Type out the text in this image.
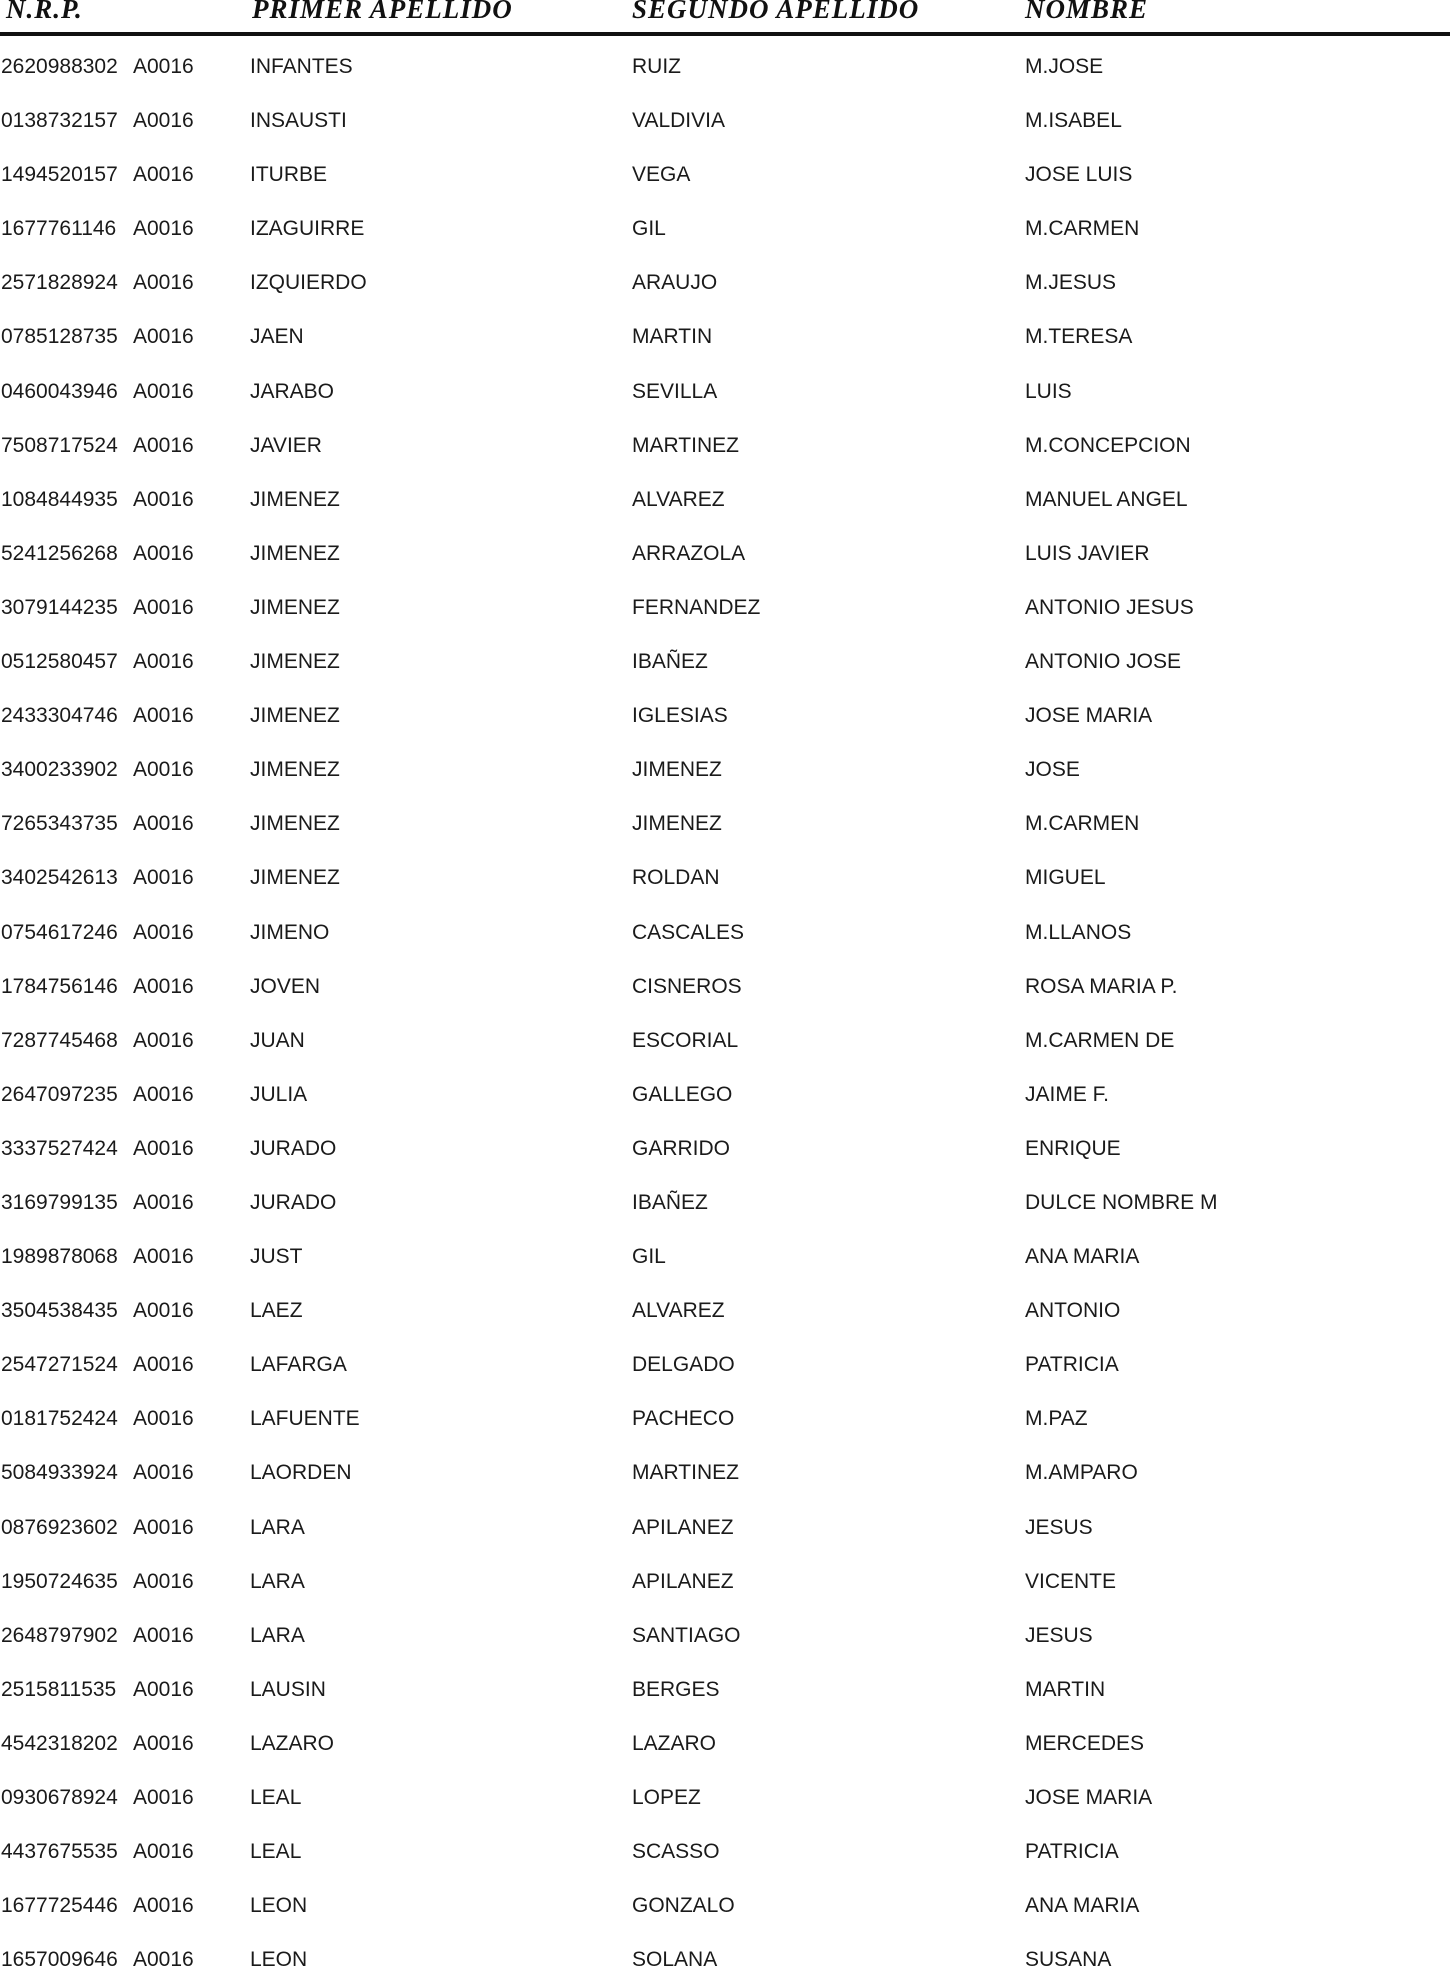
N.R.P.	PRIMER APELLIDO	SEGUNDO APELLIDO	NOMBRE
2620988302 A0016	INFANTES	RUIZ	M.JOSE
0138732157 A0016	INSAUSTI	VALDIVIA	M.ISABEL
1494520157 A0016	ITURBE	VEGA	JOSE LUIS
1677761146 A0016	IZAGUIRRE	GIL	M.CARMEN
2571828924 A0016	IZQUIERDO	ARAUJO	M.JESUS
0785128735 A0016	JAEN	MARTIN	M.TERESA
0460043946 A0016	JARABO	SEVILLA	LUIS
7508717524 A0016	JAVIER	MARTINEZ	M.CONCEPCION
1084844935 A0016	JIMENEZ	ALVAREZ	MANUEL ANGEL
5241256268 A0016	JIMENEZ	ARRAZOLA	LUIS JAVIER
3079144235 A0016	JIMENEZ	FERNANDEZ	ANTONIO JESUS
0512580457 A0016	JIMENEZ	IBAÑEZ	ANTONIO JOSE
2433304746 A0016	JIMENEZ	IGLESIAS	JOSE MARIA
3400233902 A0016	JIMENEZ	JIMENEZ	JOSE
7265343735 A0016	JIMENEZ	JIMENEZ	M.CARMEN
3402542613 A0016	JIMENEZ	ROLDAN	MIGUEL
0754617246 A0016	JIMENO	CASCALES	M.LLANOS
1784756146 A0016	JOVEN	CISNEROS	ROSA MARIA P.
7287745468 A0016	JUAN	ESCORIAL	M.CARMEN DE
2647097235 A0016	JULIA	GALLEGO	JAIME F.
3337527424 A0016	JURADO	GARRIDO	ENRIQUE
3169799135 A0016	JURADO	IBAÑEZ	DULCE NOMBRE M
1989878068 A0016	JUST	GIL	ANA MARIA
3504538435 A0016	LAEZ	ALVAREZ	ANTONIO
2547271524 A0016	LAFARGA	DELGADO	PATRICIA
0181752424 A0016	LAFUENTE	PACHECO	M.PAZ
5084933924 A0016	LAORDEN	MARTINEZ	M.AMPARO
0876923602 A0016	LARA	APILANEZ	JESUS
1950724635 A0016	LARA	APILANEZ	VICENTE
2648797902 A0016	LARA	SANTIAGO	JESUS
2515811535 A0016	LAUSIN	BERGES	MARTIN
4542318202 A0016	LAZARO	LAZARO	MERCEDES
0930678924 A0016	LEAL	LOPEZ	JOSE MARIA
4437675535 A0016	LEAL	SCASSO	PATRICIA
1677725446 A0016	LEON	GONZALO	ANA MARIA
1657009646 A0016	LEON	SOLANA	SUSANA
